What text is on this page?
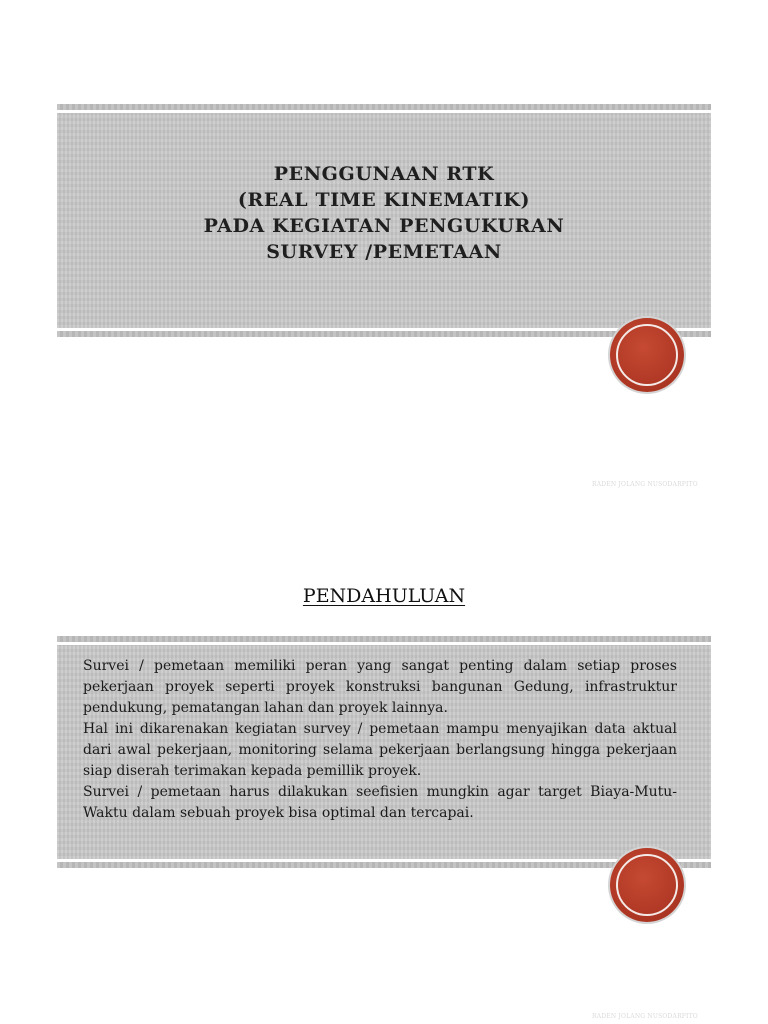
PENGGUNAAN RTK
(REAL TIME KINEMATIK)
PADA KEGIATAN PENGUKURAN
SURVEY /PEMETAAN
RADEN JOLANG NUSODARPITO
PENDAHULUAN

Survei / pemetaan memiliki peran yang sangat penting dalam setiap proses pekerjaan proyek seperti proyek konstruksi bangunan Gedung, infrastruktur pendukung, pematangan lahan dan proyek lainnya.

Hal ini dikarenakan kegiatan survey / pemetaan mampu menyajikan data aktual dari awal pekerjaan, monitoring selama pekerjaan berlangsung hingga pekerjaan siap diserah terimakan kepada pemillik proyek.

Survei / pemetaan harus dilakukan seefisien mungkin agar target Biaya-Mutu-Waktu dalam sebuah proyek bisa optimal dan tercapai.

RADEN JOLANG NUSODARPITO
